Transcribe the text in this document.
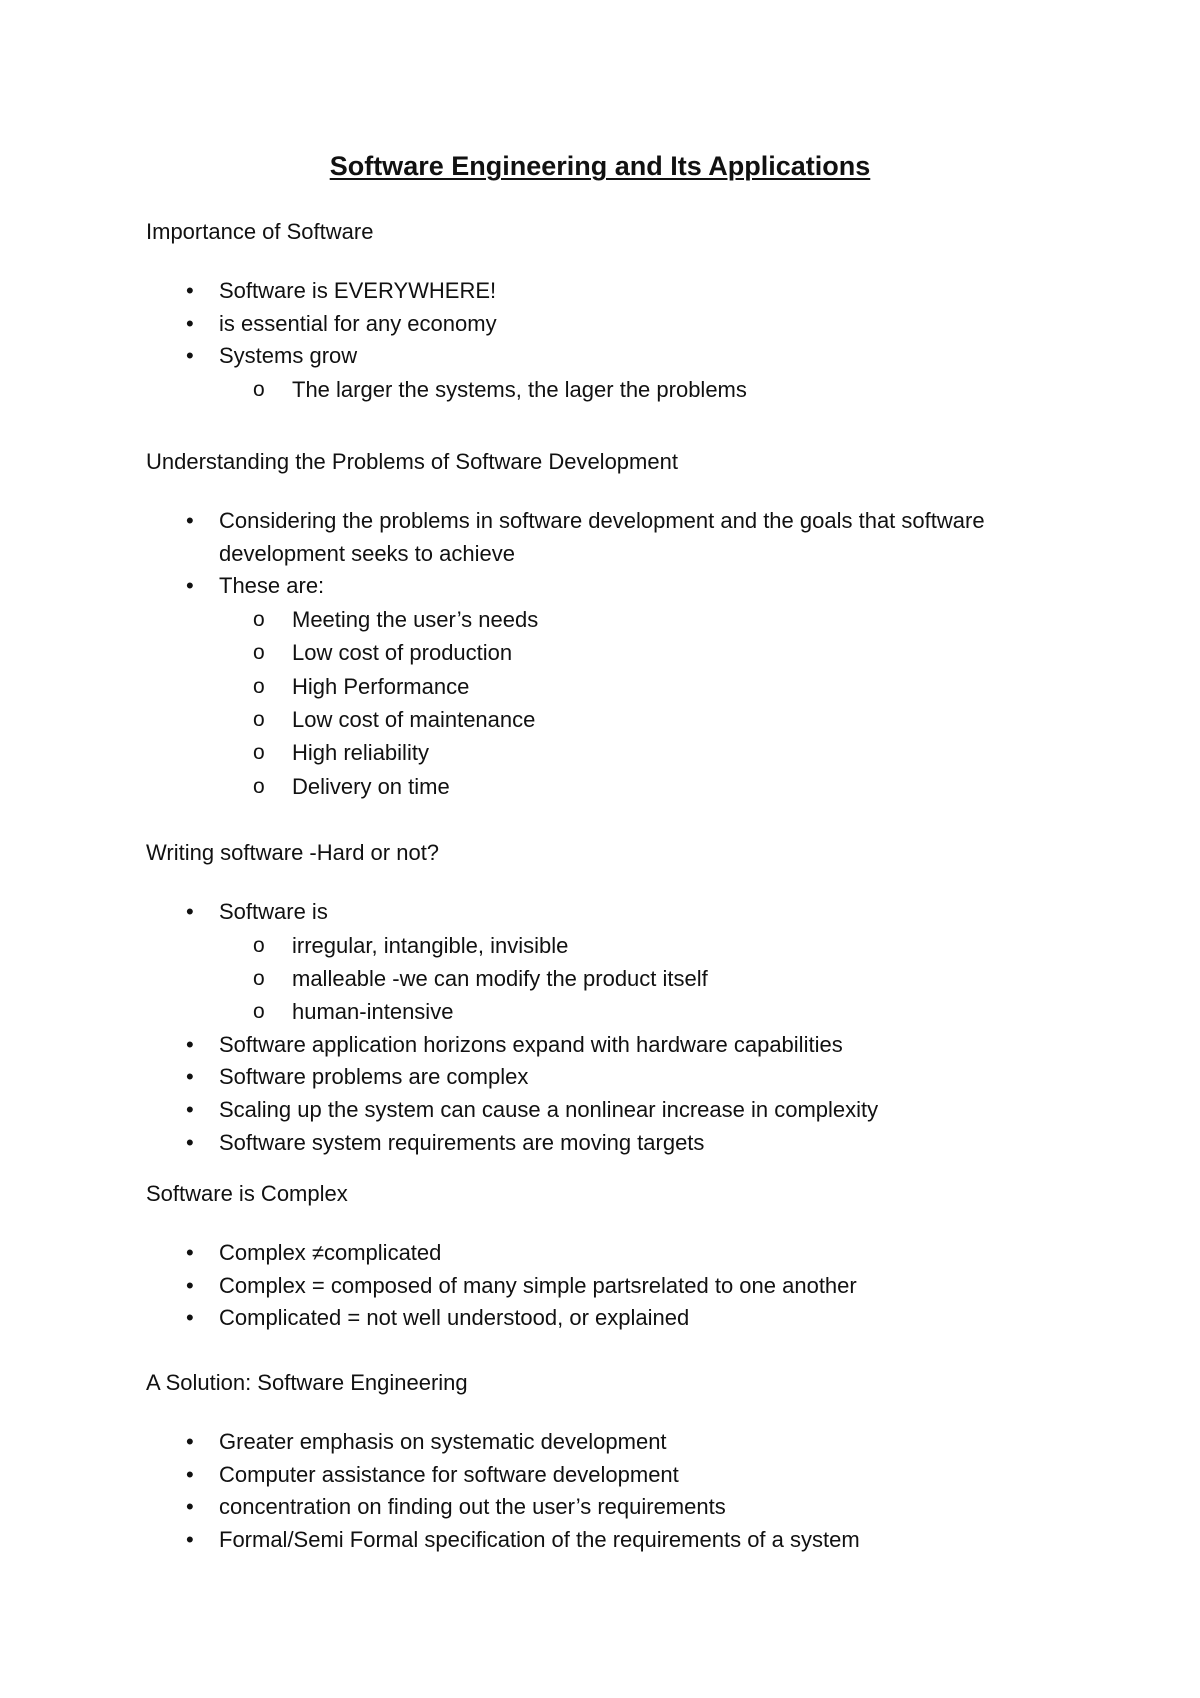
Software Engineering and Its Applications
Importance of Software
• Software is EVERYWHERE!
• is essential for any economy
• Systems grow
o The larger the systems, the lager the problems
Understanding the Problems of Software Development
• Considering the problems in software development and the goals that software development seeks to achieve
• These are:
o Meeting the user’s needs
o Low cost of production
o High Performance
o Low cost of maintenance
o High reliability
o Delivery on time
Writing software -Hard or not?
• Software is
o irregular, intangible, invisible
o malleable -we can modify the product itself
o human-intensive
• Software application horizons expand with hardware capabilities
• Software problems are complex
• Scaling up the system can cause a nonlinear increase in complexity
• Software system requirements are moving targets
Software is Complex
• Complex ≠complicated
• Complex = composed of many simple partsrelated to one another
• Complicated = not well understood, or explained
A Solution: Software Engineering
• Greater emphasis on systematic development
• Computer assistance for software development
• concentration on finding out the user’s requirements
• Formal/Semi Formal specification of the requirements of a system
